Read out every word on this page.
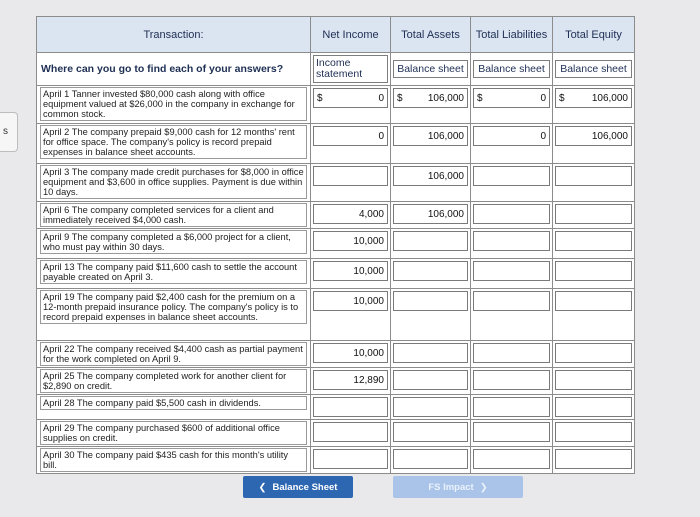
s
Transaction:	Net Income	Total Assets	Total Liabilities	Total Equity
Where can you go to find each of your answers?	Income statement	Balance sheet	Balance sheet	Balance sheet

April 1 Tanner invested $80,000 cash along with office equipment valued at $26,000 in the company in exchange for common stock.	$ 0	$ 106,000	$ 0	$ 106,000

April 2 The company prepaid $9,000 cash for 12 months' rent for office space. The company's policy is record prepaid expenses in balance sheet accounts.	0	106,000	0	106,000

April 3 The company made credit purchases for $8,000 in office equipment and $3,600 in office supplies. Payment is due within 10 days.		106,000		

April 6 The company completed services for a client and immediately received $4,000 cash.	4,000	106,000		

April 9 The company completed a $6,000 project for a client, who must pay within 30 days.	10,000			

April 13 The company paid $11,600 cash to settle the account payable created on April 3.	10,000			

April 19 The company paid $2,400 cash for the premium on a 12-month prepaid insurance policy. The company's policy is to record prepaid expenses in balance sheet accounts.	10,000			

April 22 The company received $4,400 cash as partial payment for the work completed on April 9.	10,000			

April 25 The company completed work for another client for $2,890 on credit.	12,890			

April 28 The company paid $5,500 cash in dividends.				

April 29 The company purchased $600 of additional office supplies on credit.				

April 30 The company paid $435 cash for this month's utility bill.				

❮ Balance Sheet	FS Impact ❯
